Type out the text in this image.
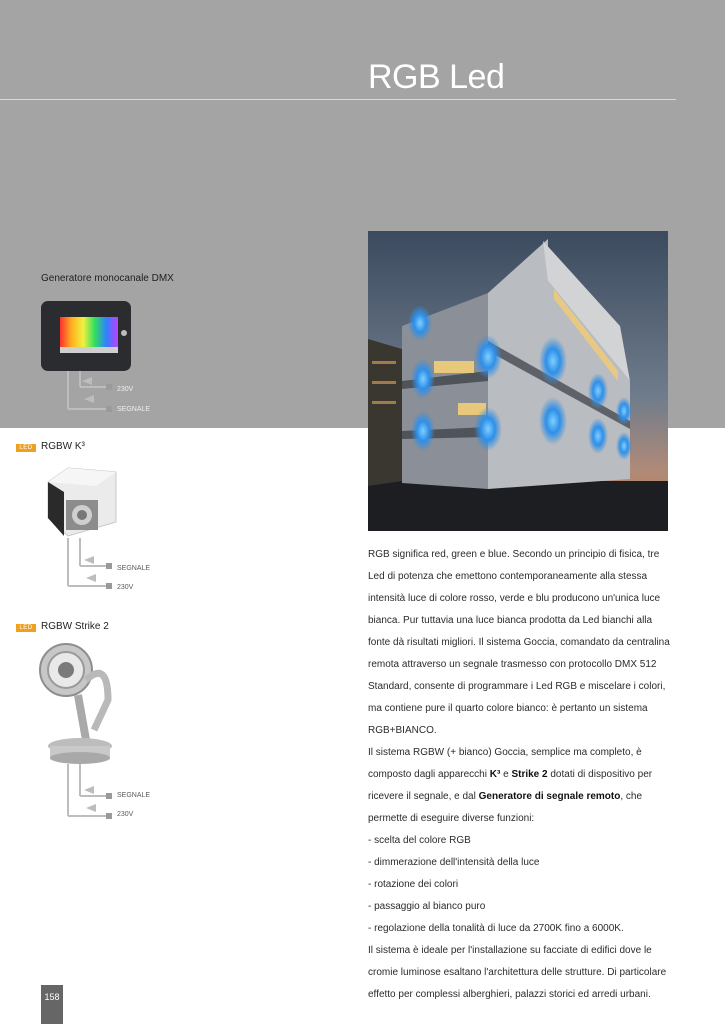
RGB Led
Generatore monocanale DMX
230V
SEGNALE
LED RGBW K³
SEGNALE
230V
LED RGBW Strike 2
SEGNALE
230V

RGB significa red, green e blue. Secondo un principio di fisica, tre Led di potenza che emettono contemporaneamente alla stessa intensità luce di colore rosso, verde e blu producono un'unica luce bianca. Pur tuttavia una luce bianca prodotta da Led bianchi alla fonte dà risultati migliori. Il sistema Goccia, comandato da centralina remota attraverso un segnale trasmesso con protocollo DMX 512 Standard, consente di programmare i Led RGB e miscelare i colori, ma contiene pure il quarto colore bianco: è pertanto un sistema RGB+BIANCO.

Il sistema RGBW (+ bianco) Goccia, semplice ma completo, è composto dagli apparecchi K³ e Strike 2 dotati di dispositivo per ricevere il segnale, e dal Generatore di segnale remoto, che permette di eseguire diverse funzioni:

- scelta del colore RGB

- dimmerazione dell'intensità della luce

- rotazione dei colori

- passaggio al bianco puro

- regolazione della tonalità di luce da 2700K fino a 6000K.

Il sistema è ideale per l'installazione su facciate di edifici dove le cromie luminose esaltano l'architettura delle strutture. Di particolare effetto per complessi alberghieri, palazzi storici ed arredi urbani.

158
